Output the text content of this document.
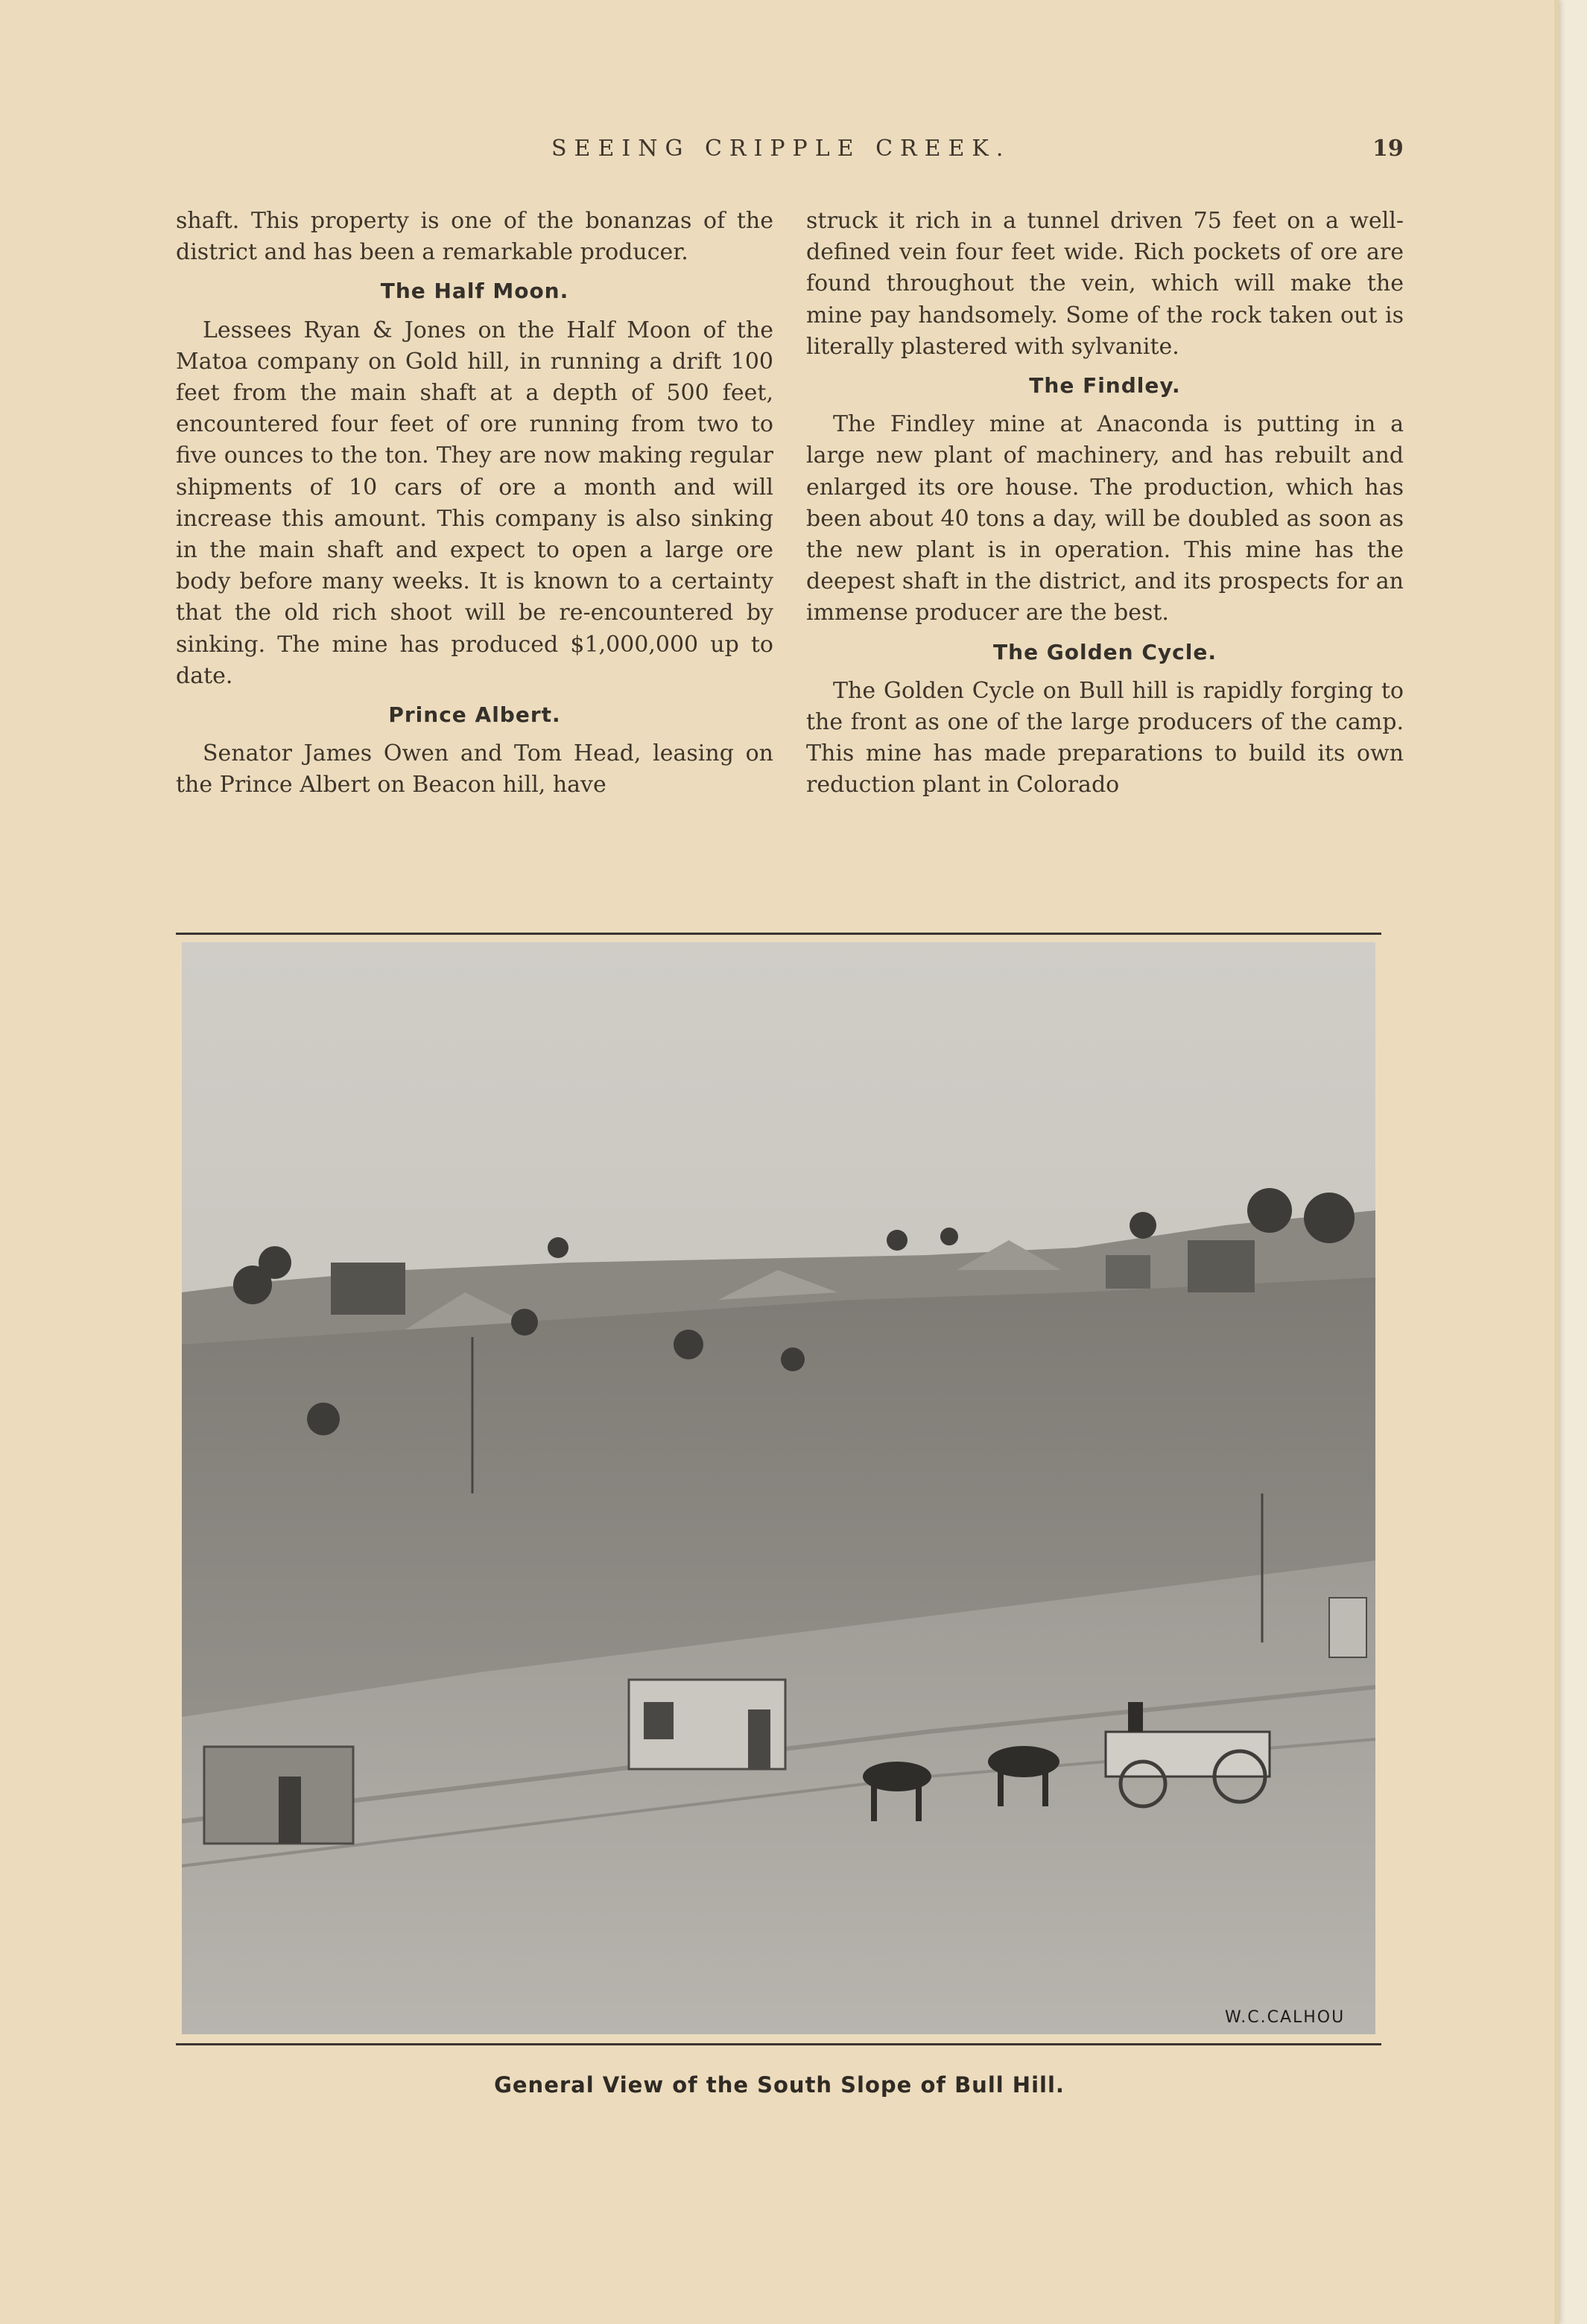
SEEING CRIPPLE CREEK.	19

shaft. This property is one of the bonanzas of the district and has been a remarkable producer.

The Half Moon.

Lessees Ryan & Jones on the Half Moon of the Matoa company on Gold hill, in running a drift 100 feet from the main shaft at a depth of 500 feet, encountered four feet of ore running from two to five ounces to the ton. They are now making regular shipments of 10 cars of ore a month and will increase this amount. This company is also sinking in the main shaft and expect to open a large ore body before many weeks. It is known to a certainty that the old rich shoot will be re-encountered by sinking. The mine has produced $1,000,000 up to date.

Prince Albert.

Senator James Owen and Tom Head, leasing on the Prince Albert on Beacon hill, have

struck it rich in a tunnel driven 75 feet on a well-defined vein four feet wide. Rich pockets of ore are found throughout the vein, which will make the mine pay handsomely. Some of the rock taken out is literally plastered with sylvanite.

The Findley.

The Findley mine at Anaconda is putting in a large new plant of machinery, and has rebuilt and enlarged its ore house. The production, which has been about 40 tons a day, will be doubled as soon as the new plant is in operation. This mine has the deepest shaft in the district, and its prospects for an immense producer are the best.

The Golden Cycle.

The Golden Cycle on Bull hill is rapidly forging to the front as one of the large producers of the camp. This mine has made preparations to build its own reduction plant in Colorado

W.C.CALHOU
General View of the South Slope of Bull Hill.
